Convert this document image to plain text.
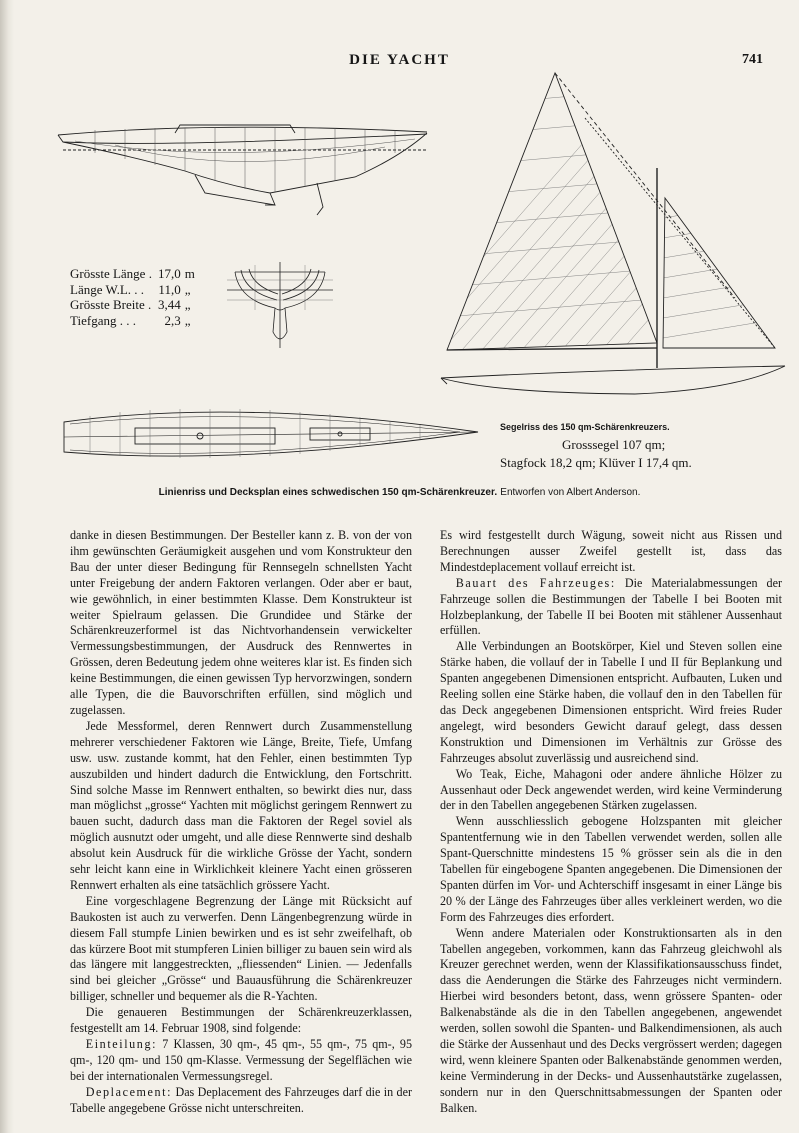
DIE YACHT	741
Grösste Länge .	17,0	m
Länge W.L. . .	11,0	„
Grösste Breite .	3,44	„
Tiefgang . . .	2,3	„
Segelriss des 150 qm-Schärenkreuzers.
Grosssegel 107 qm;
Stagfock 18,2 qm; Klüver I 17,4 qm.
Linienriss und Decksplan eines schwedischen 150 qm-Schärenkreuzer. Entworfen von Albert Anderson.

danke in diesen Bestimmungen. Der Besteller kann z. B. von der von ihm gewünschten Geräumigkeit ausgehen und vom Konstrukteur den Bau der unter dieser Bedingung für Rennsegeln schnellsten Yacht unter Freigebung der andern Faktoren verlangen. Oder aber er baut, wie gewöhnlich, in einer bestimmten Klasse. Dem Konstrukteur ist weiter Spielraum gelassen. Die Grundidee und Stärke der Schärenkreuzerformel ist das Nichtvorhandensein verwickelter Vermessungsbestimmungen, der Ausdruck des Rennwertes in Grössen, deren Bedeutung jedem ohne weiteres klar ist. Es finden sich keine Bestimmungen, die einen gewissen Typ hervorzwingen, sondern alle Typen, die die Bauvorschriften erfüllen, sind möglich und zugelassen.

Jede Messformel, deren Rennwert durch Zusammenstellung mehrerer verschiedener Faktoren wie Länge, Breite, Tiefe, Umfang usw. usw. zustande kommt, hat den Fehler, einen bestimmten Typ auszubilden und hindert dadurch die Entwicklung, den Fortschritt. Sind solche Masse im Rennwert enthalten, so bewirkt dies nur, dass man möglichst „grosse“ Yachten mit möglichst geringem Rennwert zu bauen sucht, dadurch dass man die Faktoren der Regel soviel als möglich ausnutzt oder umgeht, und alle diese Rennwerte sind deshalb absolut kein Ausdruck für die wirkliche Grösse der Yacht, sondern sehr leicht kann eine in Wirklichkeit kleinere Yacht einen grösseren Rennwert erhalten als eine tatsächlich grössere Yacht.

Eine vorgeschlagene Begrenzung der Länge mit Rücksicht auf Baukosten ist auch zu verwerfen. Denn Längenbegrenzung würde in diesem Fall stumpfe Linien bewirken und es ist sehr zweifelhaft, ob das kürzere Boot mit stumpferen Linien billiger zu bauen sein wird als das längere mit langgestreckten, „fliessenden“ Linien. — Jedenfalls sind bei gleicher „Grösse“ und Bauausführung die Schärenkreuzer billiger, schneller und bequemer als die R-Yachten.

Die genaueren Bestimmungen der Schärenkreuzerklassen, festgestellt am 14. Februar 1908, sind folgende:

Einteilung: 7 Klassen, 30 qm-, 45 qm-, 55 qm-, 75 qm-, 95 qm-, 120 qm- und 150 qm-Klasse. Vermessung der Segelflächen wie bei der internationalen Vermessungsregel.

Deplacement: Das Deplacement des Fahrzeuges darf die in der Tabelle angegebene Grösse nicht unterschreiten.

Es wird festgestellt durch Wägung, soweit nicht aus Rissen und Berechnungen ausser Zweifel gestellt ist, dass das Mindestdeplacement vollauf erreicht ist.

Bauart des Fahrzeuges: Die Materialabmessungen der Fahrzeuge sollen die Bestimmungen der Tabelle I bei Booten mit Holzbeplankung, der Tabelle II bei Booten mit stählener Aussenhaut erfüllen.

Alle Verbindungen an Bootskörper, Kiel und Steven sollen eine Stärke haben, die vollauf der in Tabelle I und II für Beplankung und Spanten angegebenen Dimensionen entspricht. Aufbauten, Luken und Reeling sollen eine Stärke haben, die vollauf den in den Tabellen für das Deck angegebenen Dimensionen entspricht. Wird freies Ruder angelegt, wird besonders Gewicht darauf gelegt, dass dessen Konstruktion und Dimensionen im Verhältnis zur Grösse des Fahrzeuges absolut zuverlässig und ausreichend sind.

Wo Teak, Eiche, Mahagoni oder andere ähnliche Hölzer zu Aussenhaut oder Deck angewendet werden, wird keine Verminderung der in den Tabellen angegebenen Stärken zugelassen.

Wenn ausschliesslich gebogene Holzspanten mit gleicher Spantentfernung wie in den Tabellen verwendet werden, sollen alle Spant-Querschnitte mindestens 15 % grösser sein als die in den Tabellen für eingebogene Spanten angegebenen. Die Dimensionen der Spanten dürfen im Vor- und Achterschiff insgesamt in einer Länge bis 20 % der Länge des Fahrzeuges über alles verkleinert werden, wo die Form des Fahrzeuges dies erfordert.

Wenn andere Materialen oder Konstruktionsarten als in den Tabellen angegeben, vorkommen, kann das Fahrzeug gleichwohl als Kreuzer gerechnet werden, wenn der Klassifikationsausschuss findet, dass die Aenderungen die Stärke des Fahrzeuges nicht vermindern. Hierbei wird besonders betont, dass, wenn grössere Spanten- oder Balkenabstände als die in den Tabellen angegebenen, angewendet werden, sollen sowohl die Spanten- und Balkendimensionen, als auch die Stärke der Aussenhaut und des Decks vergrössert werden; dagegen wird, wenn kleinere Spanten oder Balkenabstände genommen werden, keine Verminderung in der Decks- und Aussenhautstärke zugelassen, sondern nur in den Querschnittsabmessungen der Spanten oder Balken.
